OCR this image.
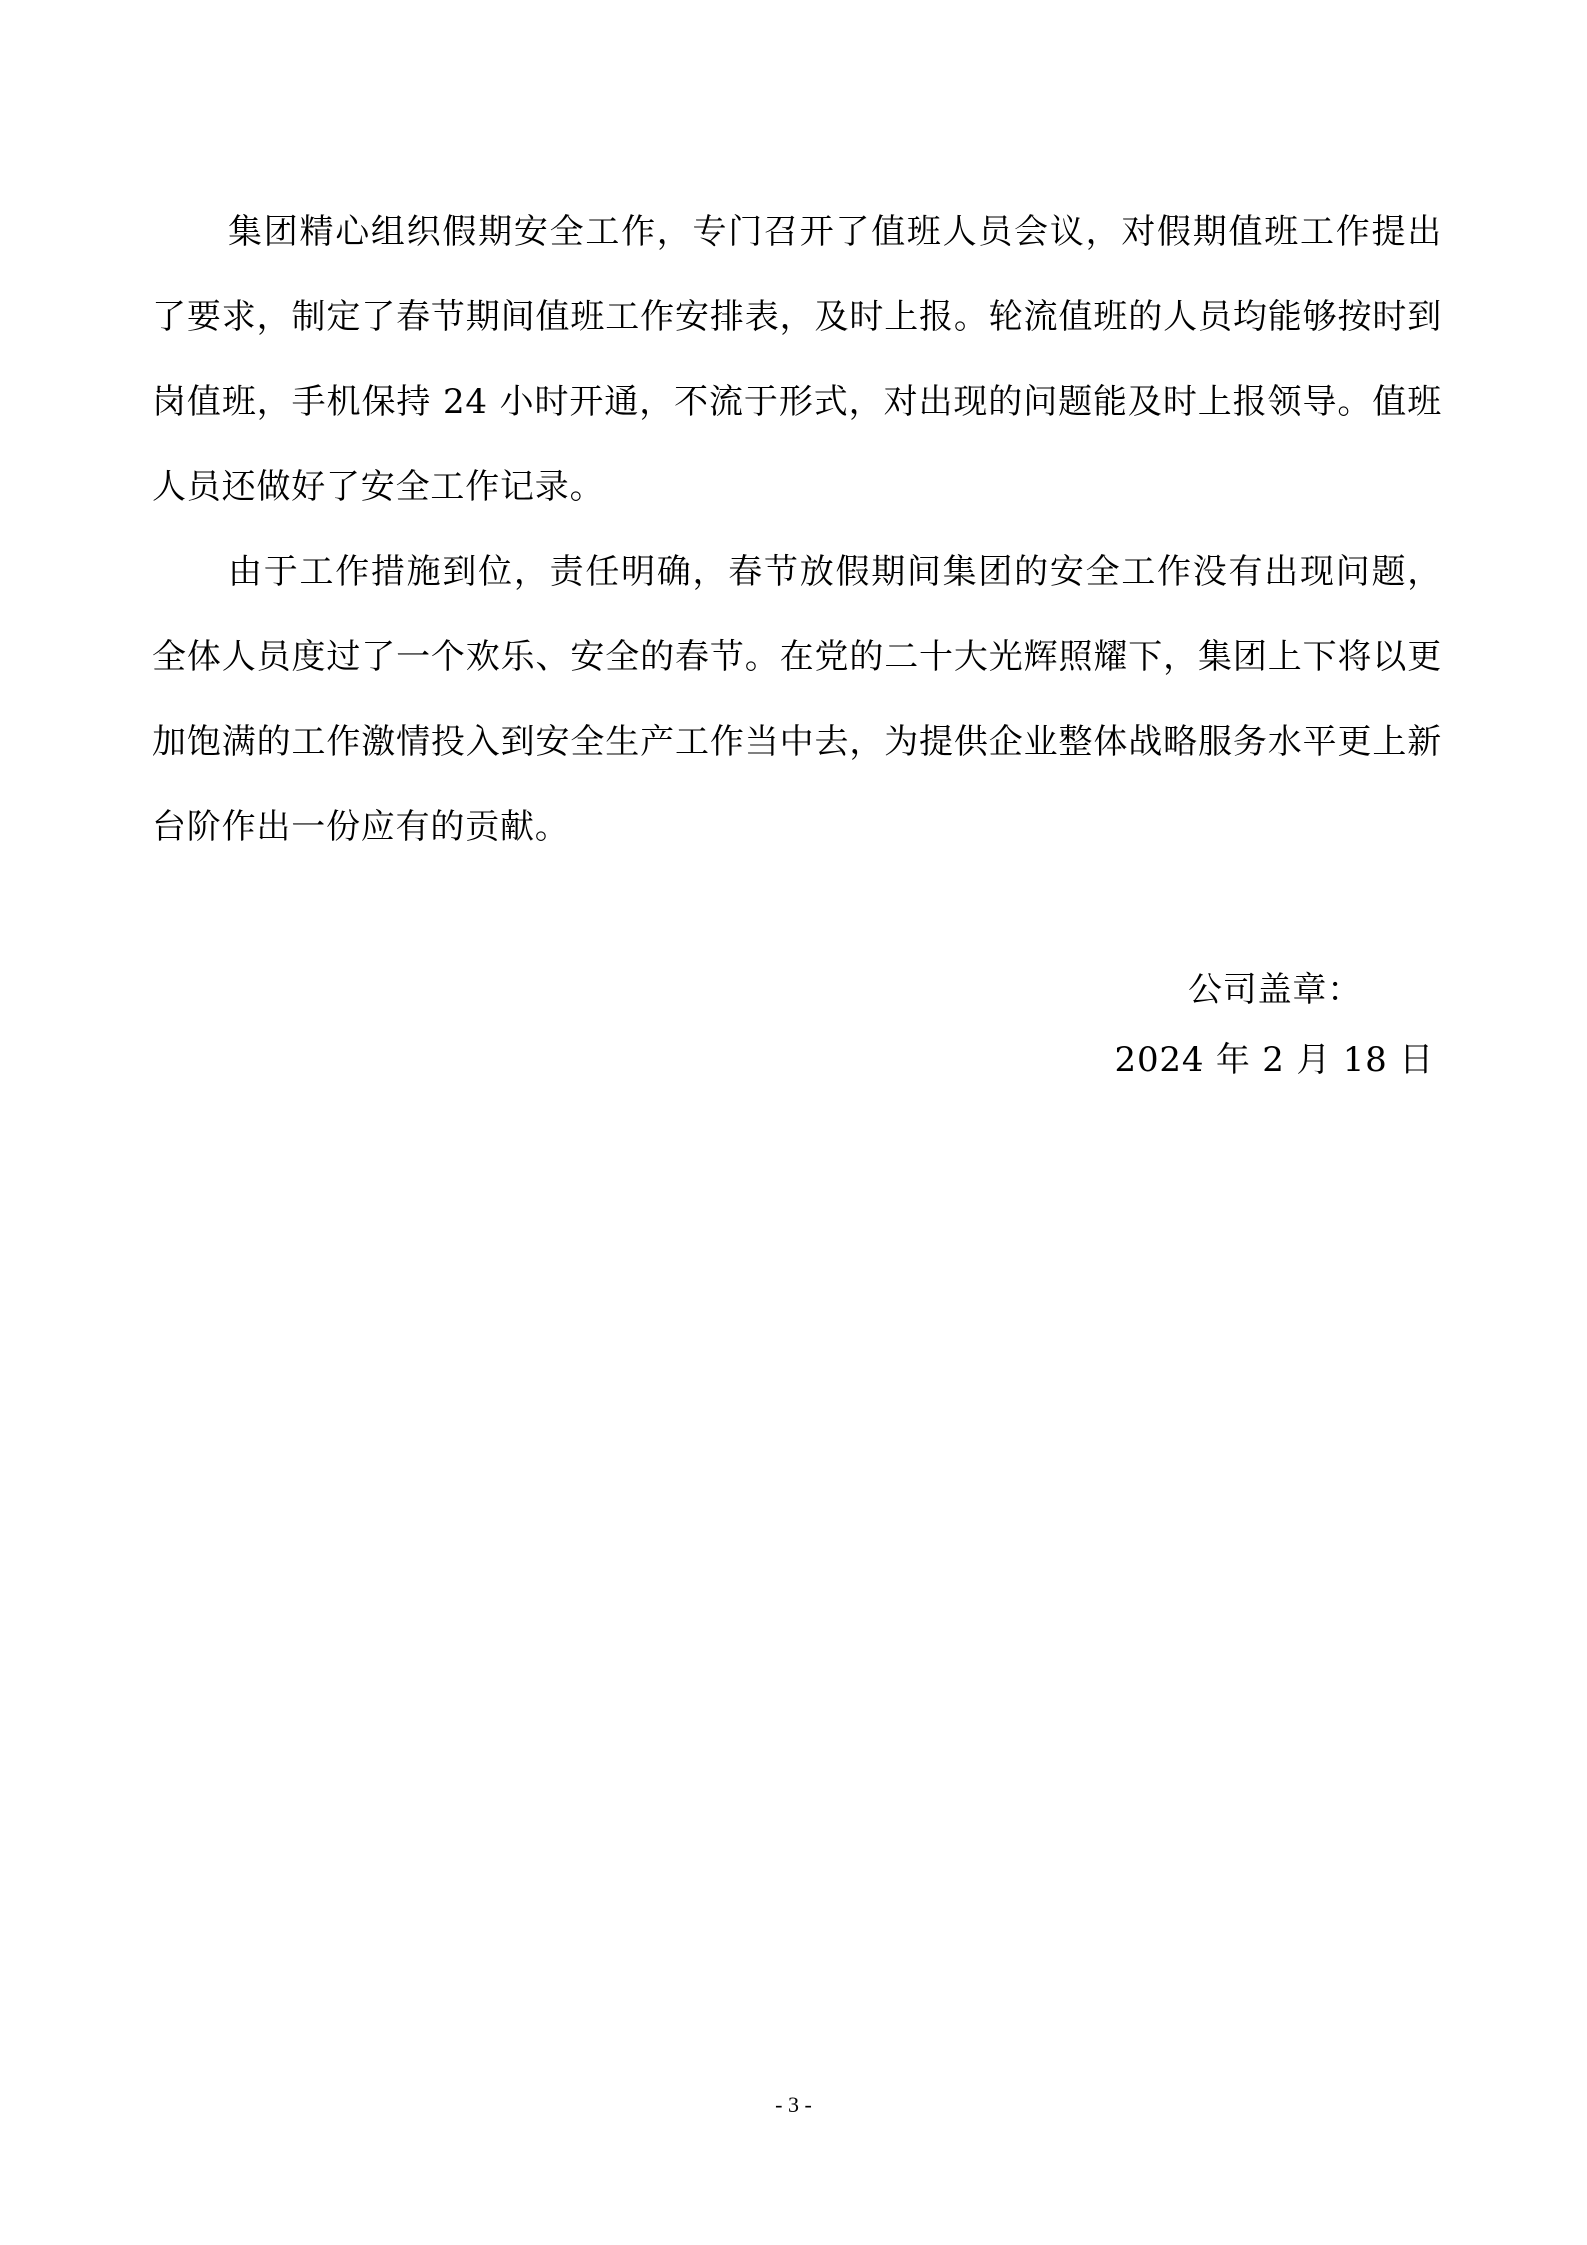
集团精心组织假期安全工作，专门召开了值班人员会议，对假期值班工作提出了要求，制定了春节期间值班工作安排表，及时上报。轮流值班的人员均能够按时到岗值班，手机保持 24 小时开通，不流于形式，对出现的问题能及时上报领导。值班人员还做好了安全工作记录。

由于工作措施到位，责任明确，春节放假期间集团的安全工作没有出现问题，全体人员度过了一个欢乐、安全的春节。在党的二十大光辉照耀下，集团上下将以更加饱满的工作激情投入到安全生产工作当中去，为提供企业整体战略服务水平更上新台阶作出一份应有的贡献。

公司盖章：

2024 年 2 月 18 日

- 3 -
